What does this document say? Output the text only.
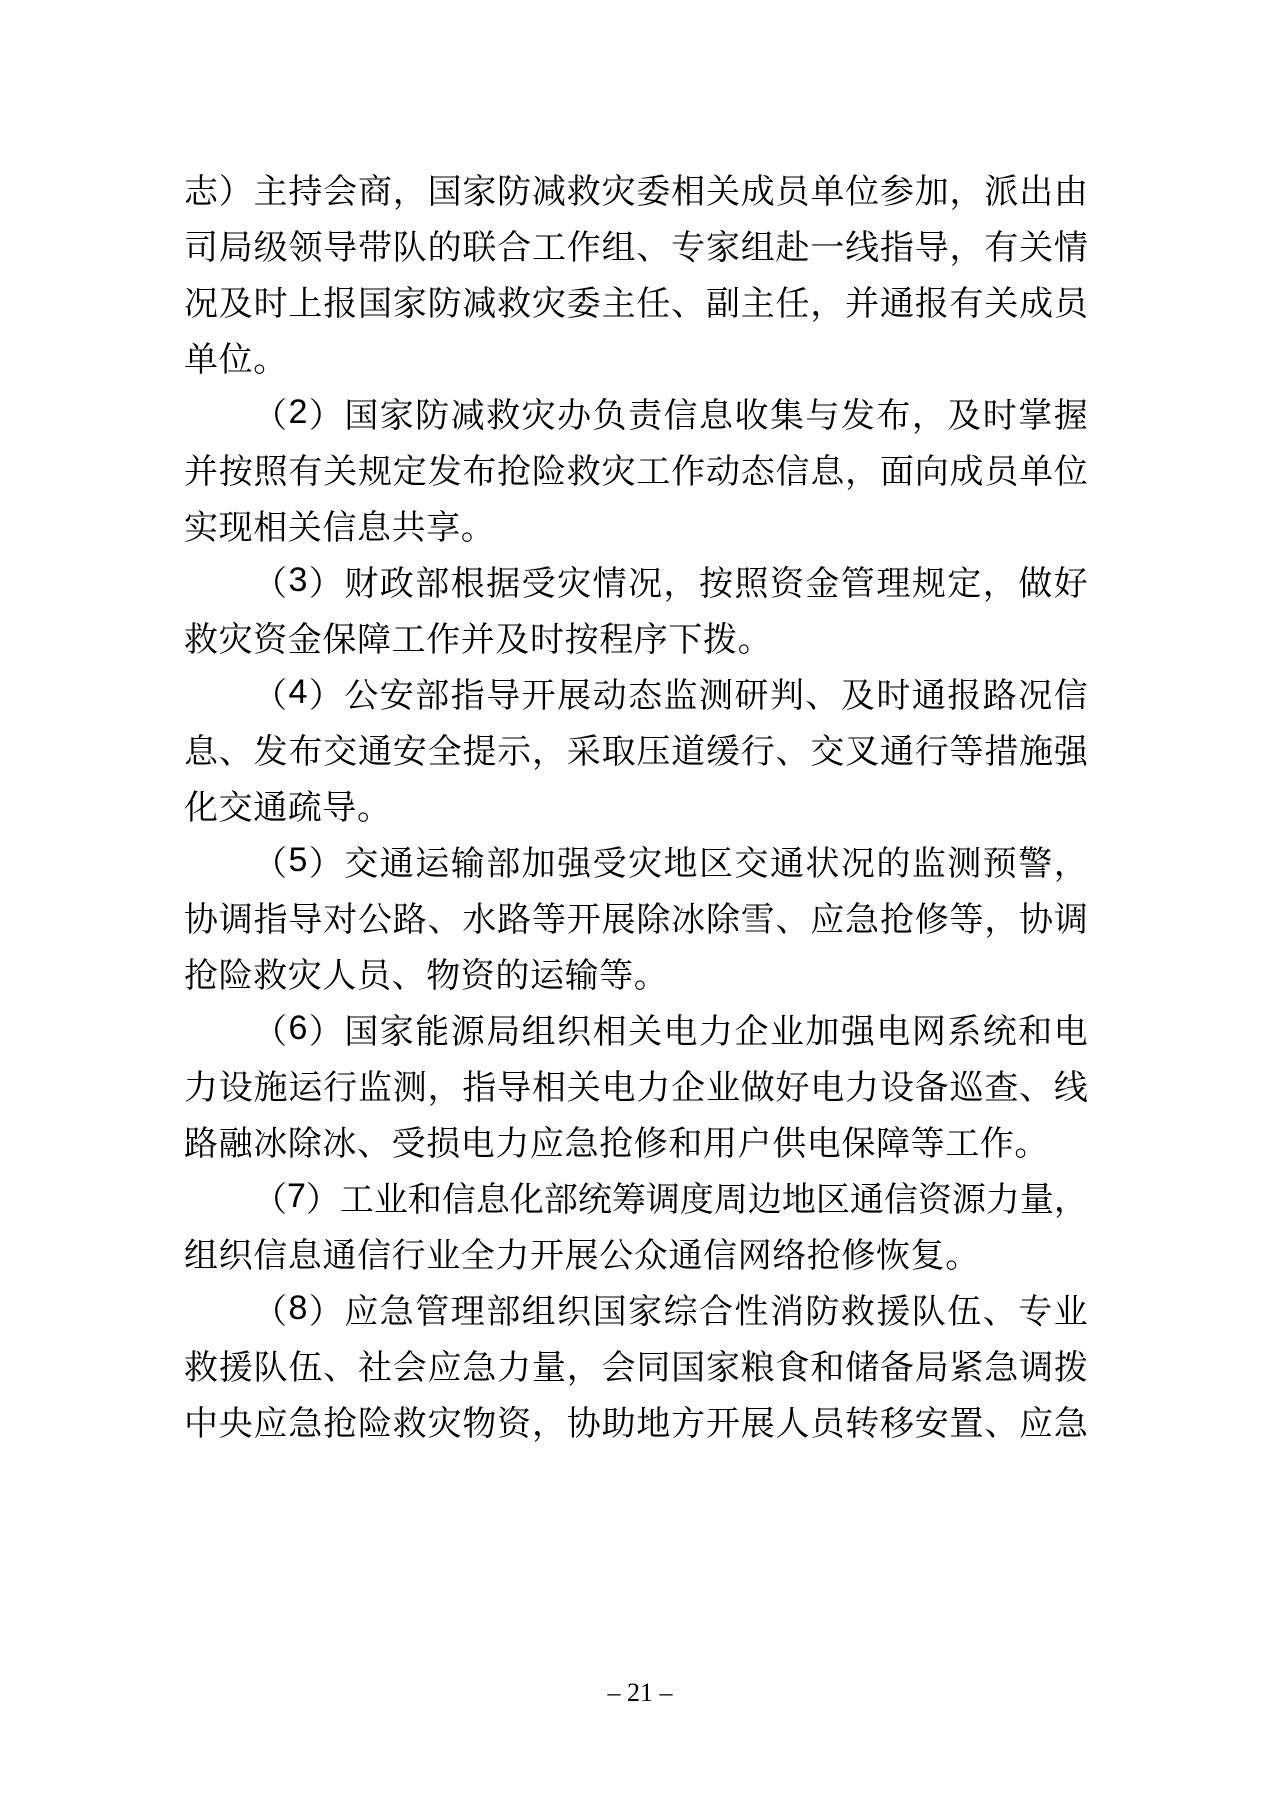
志 ） 主 持 会 商 ， 国 家 防 减 救 灾 委 相 关 成 员 单 位 参 加 ， 派 出 由
司 局 级 领 导 带 队 的 联 合 工 作 组 、 专 家 组 赴 一 线 指 导 ， 有 关 情
况 及 时 上 报 国 家 防 减 救 灾 委 主 任 、 副 主 任 ， 并 通 报 有 关 成 员
单位。
（ 2 ） 国 家 防 减 救 灾 办 负 责 信 息 收 集 与 发 布 ， 及 时 掌 握
并 按 照 有 关 规 定 发 布 抢 险 救 灾 工 作 动 态 信 息 ， 面 向 成 员 单 位
实现相关信息共享。
（ 3 ） 财 政 部 根 据 受 灾 情 况 ， 按 照 资 金 管 理 规 定 ， 做 好
救灾资金保障工作并及时按程序下拨。
（ 4 ） 公 安 部 指 导 开 展 动 态 监 测 研 判 、 及 时 通 报 路 况 信
息 、 发 布 交 通 安 全 提 示 ， 采 取 压 道 缓 行 、 交 叉 通 行 等 措 施 强
化交通疏导。
（ 5 ） 交 通 运 输 部 加 强 受 灾 地 区 交 通 状 况 的 监 测 预 警 ，
协 调 指 导 对 公 路 、 水 路 等 开 展 除 冰 除 雪 、 应 急 抢 修 等 ， 协 调
抢险救灾人员、物资的运输等。
（ 6 ） 国 家 能 源 局 组 织 相 关 电 力 企 业 加 强 电 网 系 统 和 电
力 设 施 运 行 监 测 ， 指 导 相 关 电 力 企 业 做 好 电 力 设 备 巡 查 、 线
路融冰除冰、受损电力应急抢修和用户供电保障等工作。
（ 7 ） 工 业 和 信 息 化 部 统 筹 调 度 周 边 地 区 通 信 资 源 力 量 ，
组织信息通信行业全力开展公众通信网络抢修恢复。
（ 8 ） 应 急 管 理 部 组 织 国 家 综 合 性 消 防 救 援 队 伍 、 专 业
救 援 队 伍 、 社 会 应 急 力 量 ， 会 同 国 家 粮 食 和 储 备 局 紧 急 调 拨
中 央 应 急 抢 险 救 灾 物 资 ， 协 助 地 方 开 展 人 员 转 移 安 置 、 应 急
– 21 –
